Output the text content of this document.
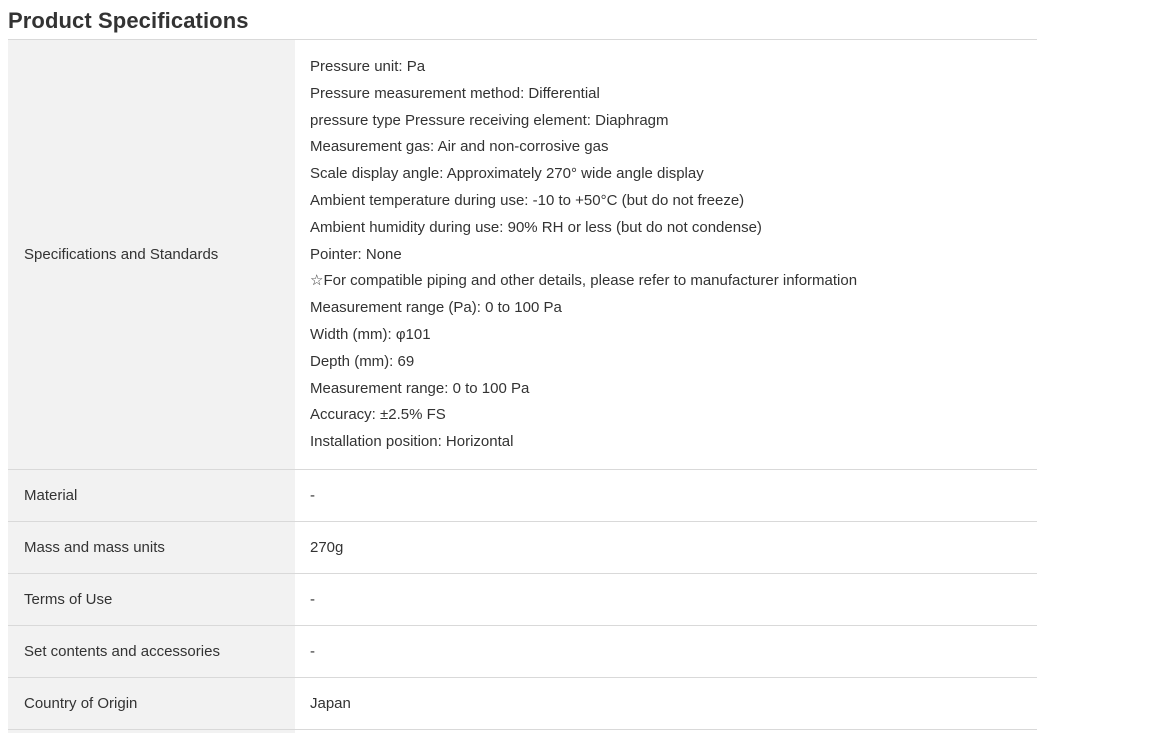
Product Specifications
Specifications and Standards
Pressure unit: Pa
Pressure measurement method: Differential
pressure type Pressure receiving element: Diaphragm
Measurement gas: Air and non-corrosive gas
Scale display angle: Approximately 270° wide angle display
Ambient temperature during use: -10 to +50°C (but do not freeze)
Ambient humidity during use: 90% RH or less (but do not condense)
Pointer: None
☆For compatible piping and other details, please refer to manufacturer information
Measurement range (Pa): 0 to 100 Pa
Width (mm): φ101
Depth (mm): 69
Measurement range: 0 to 100 Pa
Accuracy: ±2.5% FS
Installation position: Horizontal
Material	-
Mass and mass units	270g
Terms of Use	-
Set contents and accessories	-
Country of Origin	Japan
